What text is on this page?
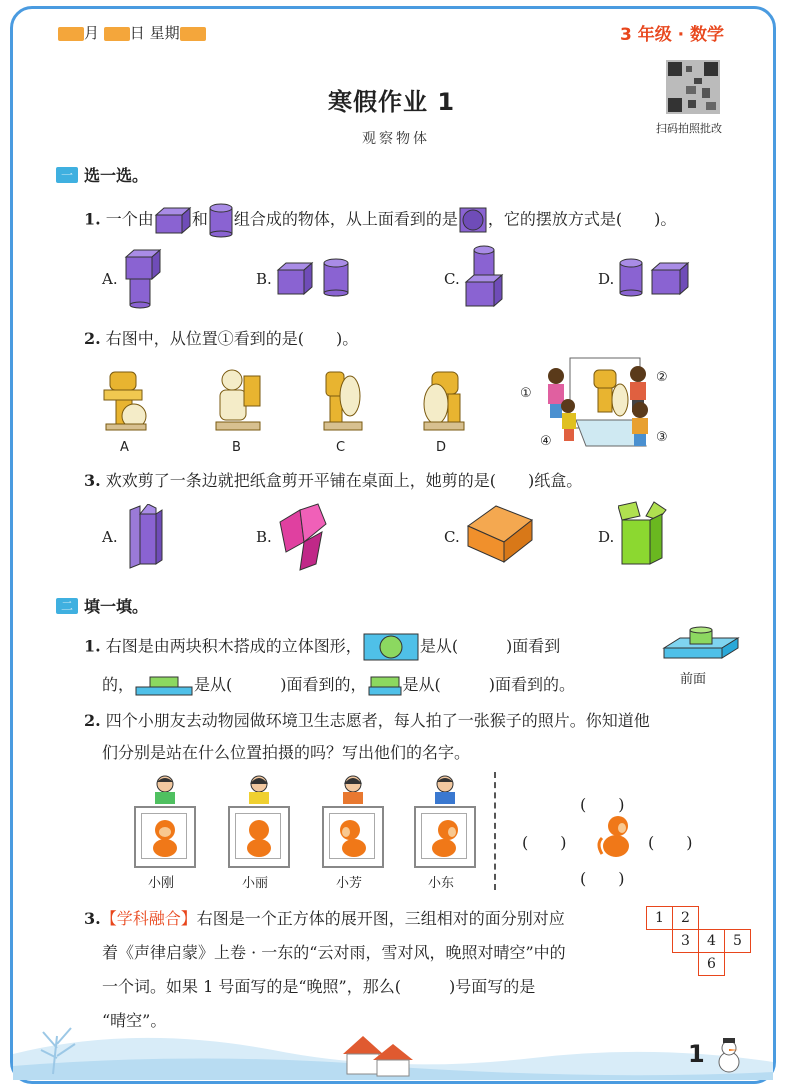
月 日 星期	3 年级 · 数学
寒假作业 1
观察物体
扫码拍照批改
一 选一选。
1. 一个由 和 组合成的物体，从上面看到的是 ，它的摆放方式是(　　)。
A.	B.	C.	D.
2. 右图中，从位置①看到的是(　　)。
A	B	C	D
①
②
③
④
3. 欢欢剪了一条边就把纸盒剪开平铺在桌面上，她剪的是(　　)纸盒。
A.	B.	C.	D.
二 填一填。
1. 右图是由两块积木搭成的立体图形，	是从(　　　)面看到
的，	是从(　　　)面看到的， 是从(　　　)面看到的。	前面
2. 四个小朋友去动物园做环境卫生志愿者，每人拍了一张猴子的照片。你知道他
们分别是站在什么位置拍摄的吗？写出他们的名字。
小刚	小丽	小芳	小东
(　　)
(　　)	(　　)
(　　)
3.【学科融合】右图是一个正方体的展开图，三组相对的面分别对应
着《声律启蒙》上卷 · 一东的“云对雨，雪对风，晚照对晴空”中的
一个词。如果 1 号面写的是“晚照”，那么(　　　)号面写的是
“晴空”。
1	2		
	3	4	5
		6	
1
